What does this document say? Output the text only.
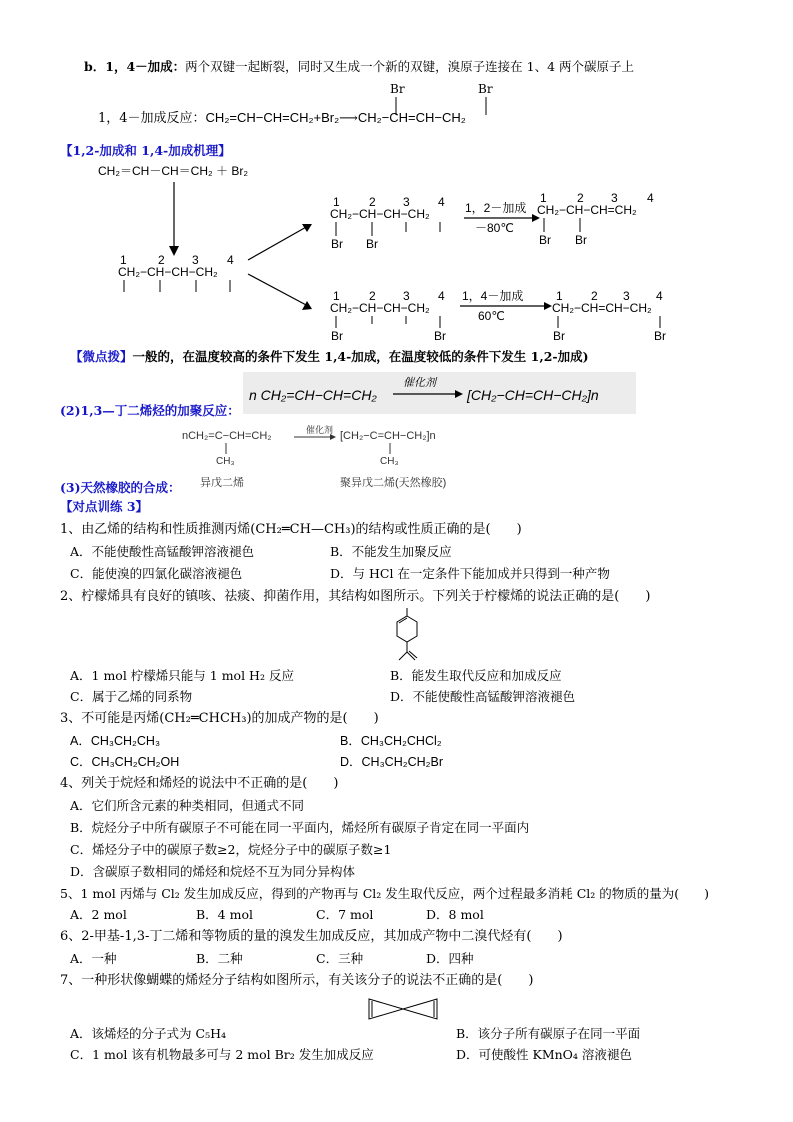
b．1，4－加成：两个双键一起断裂，同时又生成一个新的双键，溴原子连接在 1、4 两个碳原子上
Br	Br
1，4－加成反应：CH₂=CH−CH=CH₂+Br₂⟶CH₂−CH=CH−CH₂
【1,2-加成和 1,4-加成机理】
CH₂＝CH－CH＝CH₂ ＋ Br₂
1	2 3 4
CH₂−CH−CH−CH₂
1 2 3 4
CH₂−CH−CH−CH₂
Br Br
1，2－加成
－80℃
1	2 3 4
CH₂−CH−CH=CH₂
Br Br
1 2 3 4
CH₂−CH−CH−CH₂
Br	Br
1，4－加成
60℃
1 2 3 4
CH₂−CH=CH−CH₂
Br	Br
【微点拨】一般的，在温度较高的条件下发生 1,4-加成，在温度较低的条件下发生 1,2-加成)
n CH₂=CH−CH=CH₂
催化剂
[CH₂−CH=CH−CH₂]n
(2)1,3—丁二烯烃的加聚反应：
nCH₂=C−CH=CH₂
CH₃
催化剂 [CH₂−C=CH−CH₂]n
CH₃
异戊二烯	聚异戊二烯(天然橡胶)
(3)天然橡胶的合成：
【对点训练 3】
1、由乙烯的结构和性质推测丙烯(CH₂═CH—CH₃)的结构或性质正确的是(　　)
A．不能使酸性高锰酸钾溶液褪色	B．不能发生加聚反应
C．能使溴的四氯化碳溶液褪色	D．与 HCl 在一定条件下能加成并只得到一种产物
2、柠檬烯具有良好的镇咳、祛痰、抑菌作用，其结构如图所示。下列关于柠檬烯的说法正确的是(　　)
A．1 mol 柠檬烯只能与 1 mol H₂ 反应	B．能发生取代反应和加成反应
C．属于乙烯的同系物	D．不能使酸性高锰酸钾溶液褪色
3、不可能是丙烯(CH₂═CHCH₃)的加成产物的是(　　)
A．CH₃CH₂CH₃	B．CH₃CH₂CHCl₂
C．CH₃CH₂CH₂OH	D．CH₃CH₂CH₂Br
4、列关于烷烃和烯烃的说法中不正确的是(　　)
A．它们所含元素的种类相同，但通式不同
B．烷烃分子中所有碳原子不可能在同一平面内，烯烃所有碳原子肯定在同一平面内
C．烯烃分子中的碳原子数≥2，烷烃分子中的碳原子数≥1
D．含碳原子数相同的烯烃和烷烃不互为同分异构体
5、1 mol 丙烯与 Cl₂ 发生加成反应，得到的产物再与 Cl₂ 发生取代反应，两个过程最多消耗 Cl₂ 的物质的量为(　　)
A．2 mol	B．4 mol	C．7 mol	D．8 mol
6、2-甲基-1,3-丁二烯和等物质的量的溴发生加成反应，其加成产物中二溴代烃有(　　)
A．一种	B．二种	C．三种	D．四种
7、一种形状像蝴蝶的烯烃分子结构如图所示，有关该分子的说法不正确的是(　　)
A．该烯烃的分子式为 C₅H₄	B．该分子所有碳原子在同一平面
C．1 mol 该有机物最多可与 2 mol Br₂ 发生加成反应	D．可使酸性 KMnO₄ 溶液褪色
